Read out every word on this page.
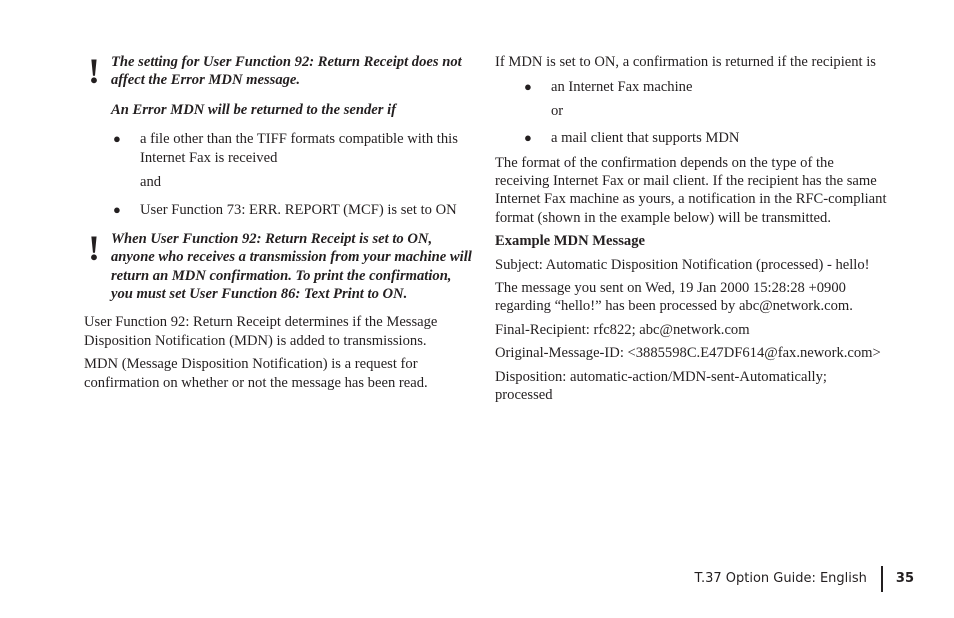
! The setting for User Function 92: Return Receipt does not affect the Error MDN message.

An Error MDN will be returned to the sender if

● a file other than the TIFF formats compatible with this Internet Fax is received

and

● User Function 73: ERR. REPORT (MCF) is set to ON

! When User Function 92: Return Receipt is set to ON, anyone who receives a transmission from your machine will return an MDN confirmation. To print the confirmation, you must set User Function 86: Text Print to ON.

User Function 92: Return Receipt determines if the Message Disposition Notification (MDN) is added to transmissions.

MDN (Message Disposition Notification) is a request for confirmation on whether or not the message has been read.

If MDN is set to ON, a confirmation is returned if the recipient is

● an Internet Fax machine

or

● a mail client that supports MDN

The format of the confirmation depends on the type of the receiving Internet Fax or mail client. If the recipient has the same Internet Fax machine as yours, a notification in the RFC-compliant format (shown in the example below) will be transmitted.

Example MDN Message

Subject: Automatic Disposition Notification (processed) - hello!

The message you sent on Wed, 19 Jan 2000 15:28:28 +0900 regarding “hello!” has been processed by abc@network.com.

Final-Recipient: rfc822; abc@network.com

Original-Message-ID: <3885598C.E47DF614@fax.nework.com>

Disposition: automatic-action/MDN-sent-Automatically; processed

T.37 Option Guide: English 35
